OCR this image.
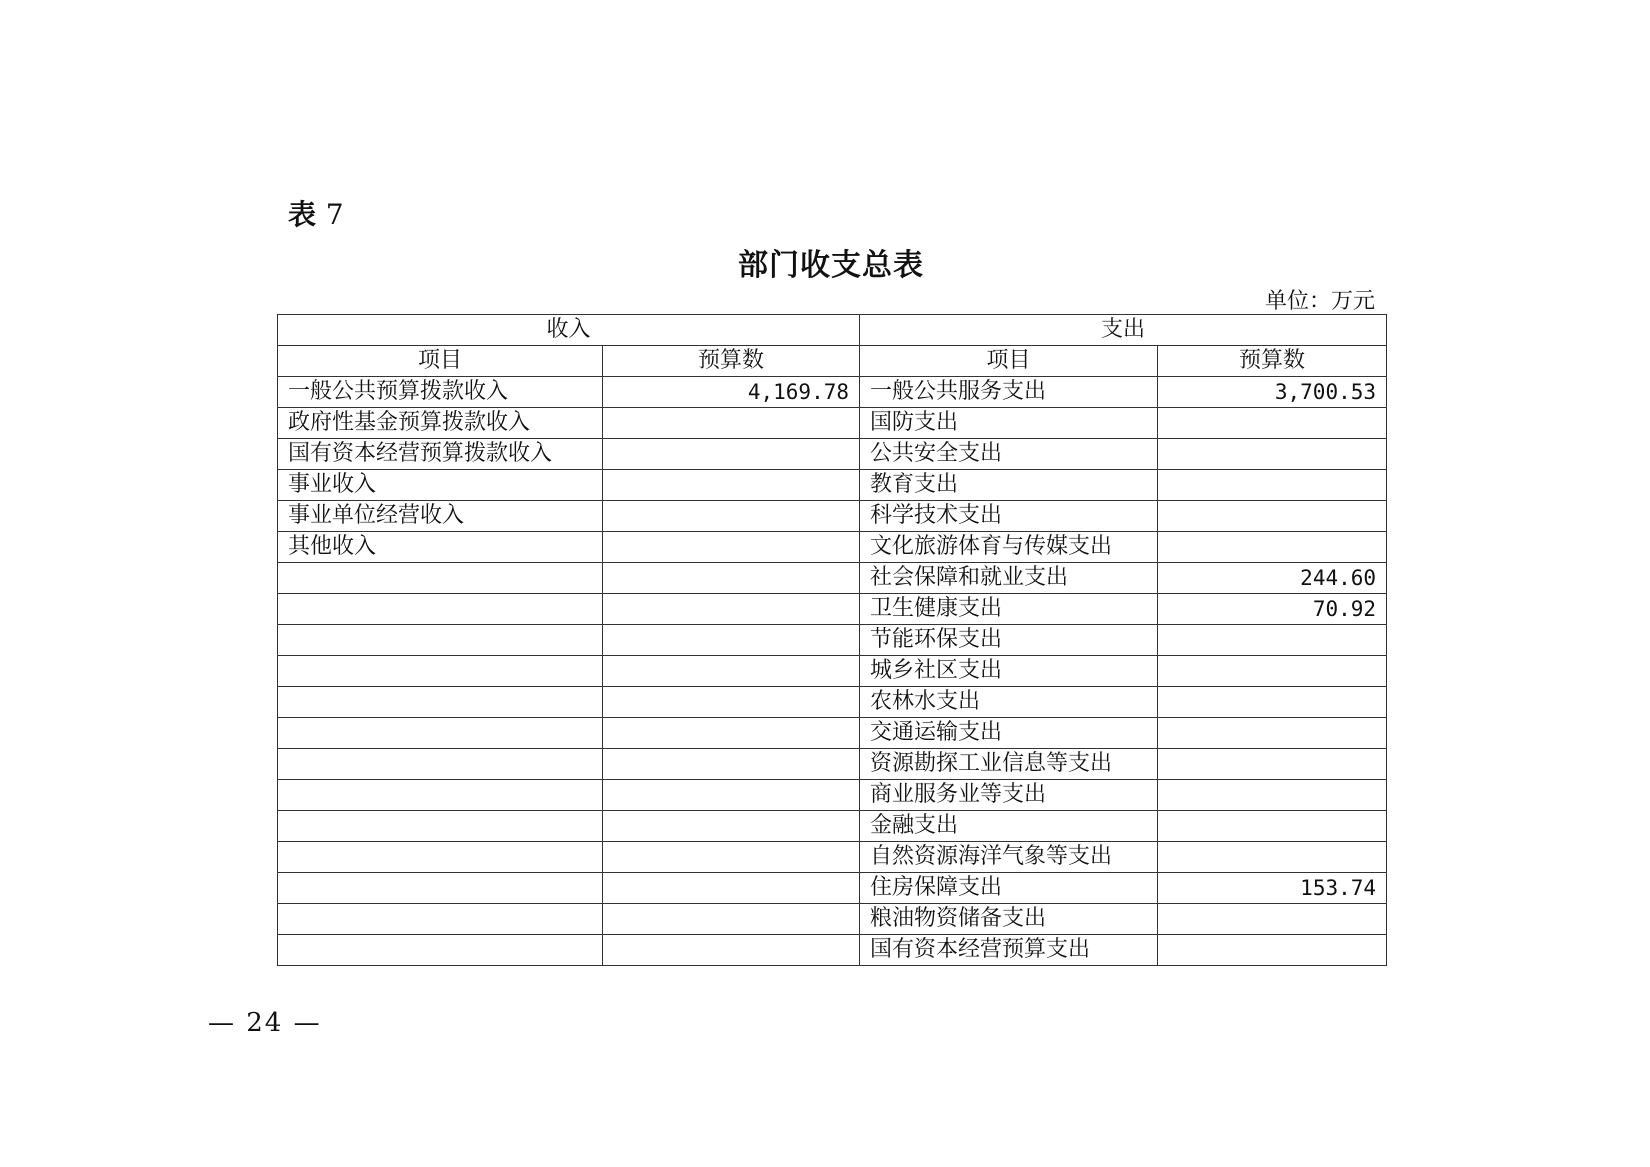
表 7
部门收支总表
单位：万元
收入		支出	
项目	预算数	项目	预算数
一般公共预算拨款收入	4,169.78	一般公共服务支出	3,700.53
政府性基金预算拨款收入		国防支出	
国有资本经营预算拨款收入		公共安全支出	
事业收入		教育支出	
事业单位经营收入		科学技术支出	
其他收入		文化旅游体育与传媒支出	
		社会保障和就业支出	244.60
		卫生健康支出	70.92
		节能环保支出	
		城乡社区支出	
		农林水支出	
		交通运输支出	
		资源勘探工业信息等支出	
		商业服务业等支出	
		金融支出	
		自然资源海洋气象等支出	
		住房保障支出	153.74
		粮油物资储备支出	
		国有资本经营预算支出	
— 24 —
